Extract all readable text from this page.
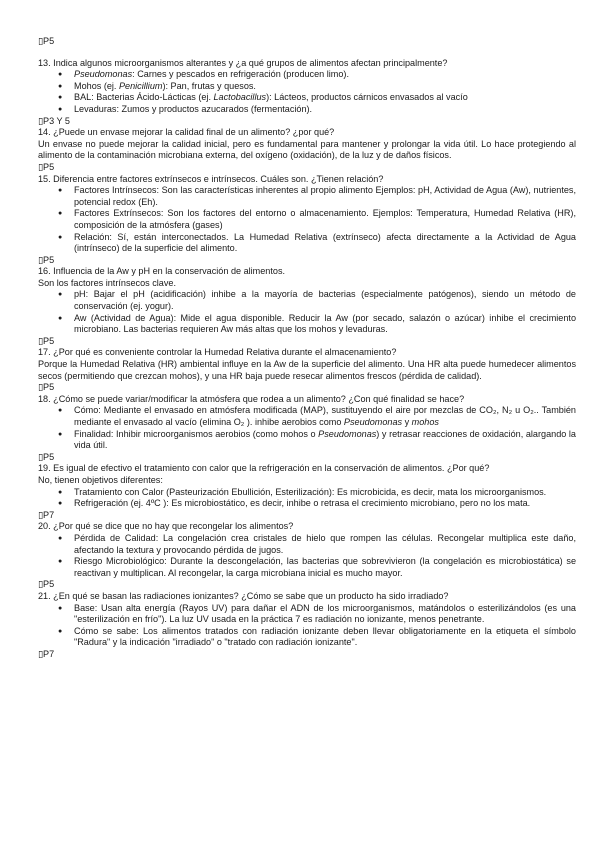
▯P5
13. Indica algunos microorganismos alterantes y ¿a qué grupos de alimentos afectan principalmente?
● Pseudomonas: Carnes y pescados en refrigeración (producen limo).
● Mohos (ej. Penicillium): Pan, frutas y quesos.
● BAL: Bacterias Ácido-Lácticas (ej. Lactobacillus): Lácteos, productos cárnicos envasados al vacío
● Levaduras: Zumos y productos azucarados (fermentación).
▯P3 Y 5
14. ¿Puede un envase mejorar la calidad final de un alimento? ¿por qué?
Un envase no puede mejorar la calidad inicial, pero es fundamental para mantener y prolongar la vida útil. Lo hace protegiendo al alimento de la contaminación microbiana externa, del oxígeno (oxidación), de la luz y de daños físicos.
▯P5
15. Diferencia entre factores extrínsecos e intrínsecos. Cuáles son. ¿Tienen relación?
● Factores Intrínsecos: Son las características inherentes al propio alimento Ejemplos: pH, Actividad de Agua (Aw), nutrientes, potencial redox (Eh).
● Factores Extrínsecos: Son los factores del entorno o almacenamiento. Ejemplos: Temperatura, Humedad Relativa (HR), composición de la atmósfera (gases)
● Relación: Sí, están interconectados. La Humedad Relativa (extrínseco) afecta directamente a la Actividad de Agua (intrínseco) de la superficie del alimento.
▯P5
16. Influencia de la Aw y pH en la conservación de alimentos.
Son los factores intrínsecos clave.
● pH: Bajar el pH (acidificación) inhibe a la mayoría de bacterias (especialmente patógenos), siendo un método de conservación (ej. yogur).
● Aw (Actividad de Agua): Mide el agua disponible. Reducir la Aw (por secado, salazón o azúcar) inhibe el crecimiento microbiano. Las bacterias requieren Aw más altas que los mohos y levaduras.
▯P5
17. ¿Por qué es conveniente controlar la Humedad Relativa durante el almacenamiento?
Porque la Humedad Relativa (HR) ambiental influye en la Aw de la superficie del alimento. Una HR alta puede humedecer alimentos secos (permitiendo que crezcan mohos), y una HR baja puede resecar alimentos frescos (pérdida de calidad).
▯P5
18. ¿Cómo se puede variar/modificar la atmósfera que rodea a un alimento? ¿Con qué finalidad se hace?
● Cómo: Mediante el envasado en atmósfera modificada (MAP), sustituyendo el aire por mezclas de CO₂, N₂ u O₂.. También mediante el envasado al vacío (elimina O₂ ). inhibe aerobios como Pseudomonas y mohos
● Finalidad: Inhibir microorganismos aerobios (como mohos o Pseudomonas) y retrasar reacciones de oxidación, alargando la vida útil.
▯P5
19. Es igual de efectivo el tratamiento con calor que la refrigeración en la conservación de alimentos. ¿Por qué?
No, tienen objetivos diferentes:
● Tratamiento con Calor (Pasteurización Ebullición, Esterilización): Es microbicida, es decir, mata los microorganismos.
● Refrigeración (ej. 4ºC ): Es microbiostático, es decir, inhibe o retrasa el crecimiento microbiano, pero no los mata.
▯P7
20. ¿Por qué se dice que no hay que recongelar los alimentos?
● Pérdida de Calidad: La congelación crea cristales de hielo que rompen las células. Recongelar multiplica este daño, afectando la textura y provocando pérdida de jugos.
● Riesgo Microbiológico: Durante la descongelación, las bacterias que sobrevivieron (la congelación es microbiostática) se reactivan y multiplican. Al recongelar, la carga microbiana inicial es mucho mayor.
▯P5
21. ¿En qué se basan las radiaciones ionizantes? ¿Cómo se sabe que un producto ha sido irradiado?
● Base: Usan alta energía (Rayos UV) para dañar el ADN de los microorganismos, matándolos o esterilizándolos (es una "esterilización en frío"). La luz UV usada en la práctica 7 es radiación no ionizante, menos penetrante.
● Cómo se sabe: Los alimentos tratados con radiación ionizante deben llevar obligatoriamente en la etiqueta el símbolo "Radura" y la indicación "irradiado" o "tratado con radiación ionizante".
▯P7
